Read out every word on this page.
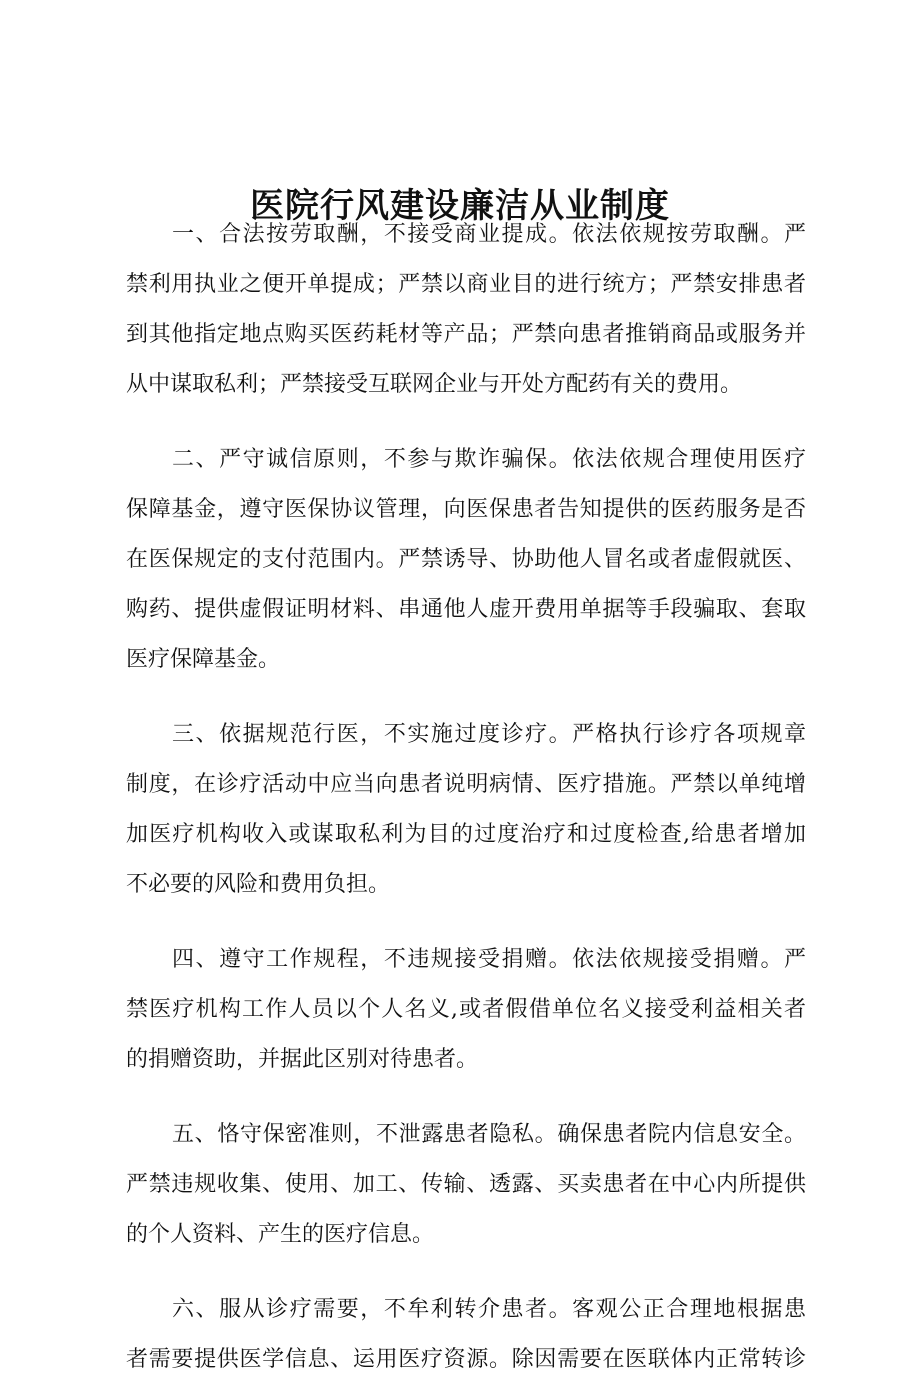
医院行风建设廉洁从业制度
一、合法按劳取酬，不接受商业提成。依法依规按劳取酬。严
禁利用执业之便开单提成；严禁以商业目的进行统方；严禁安排患者
到其他指定地点购买医药耗材等产品；严禁向患者推销商品或服务并
从中谋取私利；严禁接受互联网企业与开处方配药有关的费用。
二、严守诚信原则，不参与欺诈骗保。依法依规合理使用医疗
保障基金，遵守医保协议管理，向医保患者告知提供的医药服务是否
在医保规定的支付范围内。严禁诱导、协助他人冒名或者虚假就医、
购药、提供虚假证明材料、串通他人虚开费用单据等手段骗取、套取
医疗保障基金。
三、依据规范行医，不实施过度诊疗。严格执行诊疗各项规章
制度，在诊疗活动中应当向患者说明病情、医疗措施。严禁以单纯增
加医疗机构收入或谋取私利为目的过度治疗和过度检查,给患者增加
不必要的风险和费用负担。
四、遵守工作规程，不违规接受捐赠。依法依规接受捐赠。严
禁医疗机构工作人员以个人名义,或者假借单位名义接受利益相关者
的捐赠资助，并据此区别对待患者。
五、恪守保密准则，不泄露患者隐私。确保患者院内信息安全。
严禁违规收集、使用、加工、传输、透露、买卖患者在中心内所提供
的个人资料、产生的医疗信息。
六、服从诊疗需要，不牟利转介患者。客观公正合理地根据患
者需要提供医学信息、运用医疗资源。除因需要在医联体内正常转诊
